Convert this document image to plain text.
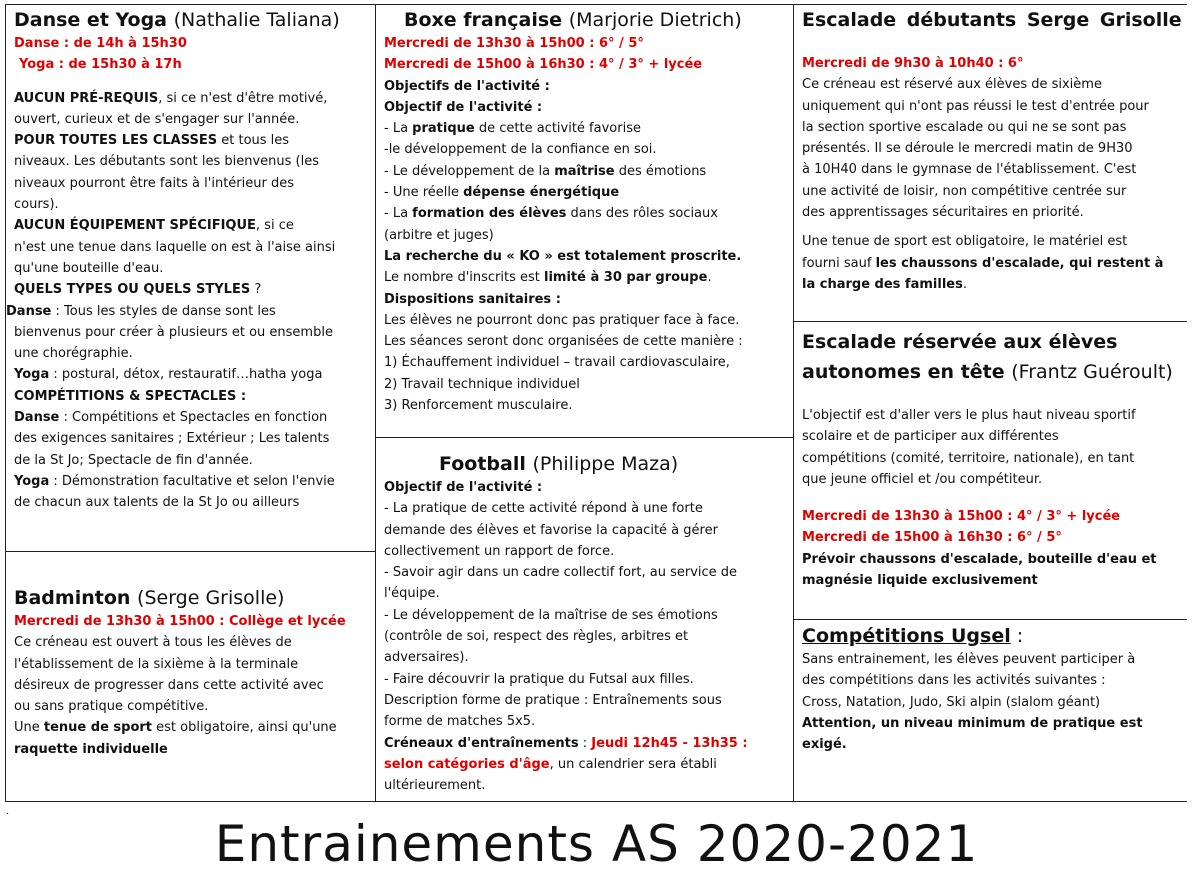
Danse et Yoga (Nathalie Taliana)

Danse : de 14h à 15h30

Yoga : de 15h30 à 17h

AUCUN PRÉ-REQUIS, si ce n'est d'être motivé,

ouvert, curieux et de s'engager sur l'année.

POUR TOUTES LES CLASSES et tous les

niveaux. Les débutants sont les bienvenus (les

niveaux pourront être faits à l'intérieur des

cours).

AUCUN ÉQUIPEMENT SPÉCIFIQUE, si ce

n'est une tenue dans laquelle on est à l'aise ainsi

qu'une bouteille d'eau.

QUELS TYPES OU QUELS STYLES ?

Danse : Tous les styles de danse sont les

bienvenus pour créer à plusieurs et ou ensemble

une chorégraphie.

Yoga : postural, détox, restauratif…hatha yoga

COMPÉTITIONS & SPECTACLES :

Danse : Compétitions et Spectacles en fonction

des exigences sanitaires ; Extérieur ; Les talents

de la St Jo; Spectacle de fin d'année.

Yoga : Démonstration facultative et selon l'envie

de chacun aux talents de la St Jo ou ailleurs

Badminton (Serge Grisolle)

Mercredi de 13h30 à 15h00 : Collège et lycée

Ce créneau est ouvert à tous les élèves de

l'établissement de la sixième à la terminale

désireux de progresser dans cette activité avec

ou sans pratique compétitive.

Une tenue de sport est obligatoire, ainsi qu'une

raquette individuelle

Boxe française (Marjorie Dietrich)

Mercredi de 13h30 à 15h00 : 6° / 5°

Mercredi de 15h00 à 16h30 : 4° / 3° + lycée

Objectifs de l'activité :

Objectif de l'activité :

- La pratique de cette activité favorise

-le développement de la confiance en soi.

- Le développement de la maîtrise des émotions

- Une réelle dépense énergétique

- La formation des élèves dans des rôles sociaux

(arbitre et juges)

La recherche du « KO » est totalement proscrite.

Le nombre d'inscrits est limité à 30 par groupe.

Dispositions sanitaires :

Les élèves ne pourront donc pas pratiquer face à face.

Les séances seront donc organisées de cette manière :

1) Échauffement individuel – travail cardiovasculaire,

2) Travail technique individuel

3) Renforcement musculaire.

Football (Philippe Maza)

Objectif de l'activité :

- La pratique de cette activité répond à une forte

demande des élèves et favorise la capacité à gérer

collectivement un rapport de force.

- Savoir agir dans un cadre collectif fort, au service de

l'équipe.

- Le développement de la maîtrise de ses émotions

(contrôle de soi, respect des règles, arbitres et

adversaires).

- Faire découvrir la pratique du Futsal aux filles.

Description forme de pratique : Entraînements sous

forme de matches 5x5.

Créneaux d'entraînements : Jeudi 12h45 - 13h35 :

selon catégories d'âge, un calendrier sera établi

ultérieurement.

Escalade débutants Serge Grisolle

Mercredi de 9h30 à 10h40 : 6°

Ce créneau est réservé aux élèves de sixième

uniquement qui n'ont pas réussi le test d'entrée pour

la section sportive escalade ou qui ne se sont pas

présentés. Il se déroule le mercredi matin de 9H30

à 10H40 dans le gymnase de l'établissement. C'est

une activité de loisir, non compétitive centrée sur

des apprentissages sécuritaires en priorité.

Une tenue de sport est obligatoire, le matériel est

fourni sauf les chaussons d'escalade, qui restent à

la charge des familles.

Escalade réservée aux élèves

autonomes en tête (Frantz Guéroult)

L'objectif est d'aller vers le plus haut niveau sportif

scolaire et de participer aux différentes

compétitions (comité, territoire, nationale), en tant

que jeune officiel et /ou compétiteur.

Mercredi de 13h30 à 15h00 : 4° / 3° + lycée

Mercredi de 15h00 à 16h30 : 6° / 5°

Prévoir chaussons d'escalade, bouteille d'eau et

magnésie liquide exclusivement

Compétitions Ugsel :

Sans entrainement, les élèves peuvent participer à

des compétitions dans les activités suivantes :

Cross, Natation, Judo, Ski alpin (slalom géant)

Attention, un niveau minimum de pratique est

exigé.

.
Entrainements AS 2020-2021
